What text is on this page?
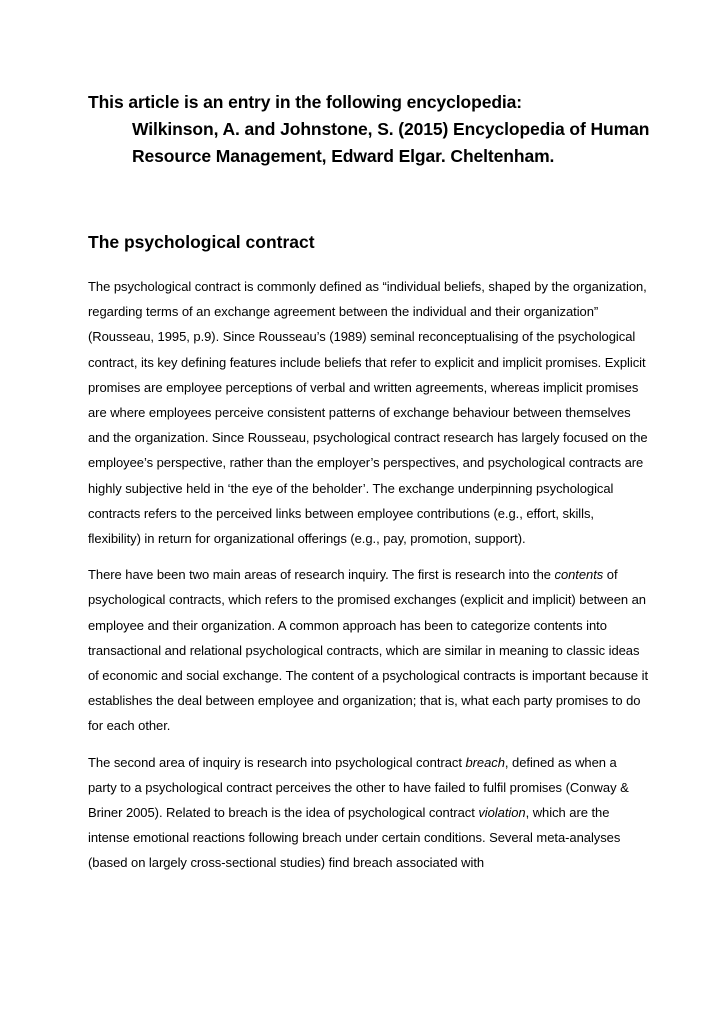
This article is an entry in the following encyclopedia:

Wilkinson, A. and Johnstone, S. (2015) Encyclopedia of Human

Resource Management, Edward Elgar. Cheltenham.

The psychological contract

The psychological contract is commonly defined as “individual beliefs, shaped by the organization, regarding terms of an exchange agreement between the individual and their organization” (Rousseau, 1995, p.9). Since Rousseau’s (1989) seminal reconceptualising of the psychological contract, its key defining features include beliefs that refer to explicit and implicit promises. Explicit promises are employee perceptions of verbal and written agreements, whereas implicit promises are where employees perceive consistent patterns of exchange behaviour between themselves and the organization. Since Rousseau, psychological contract research has largely focused on the employee’s perspective, rather than the employer’s perspectives, and psychological contracts are highly subjective held in ‘the eye of the beholder’. The exchange underpinning psychological contracts refers to the perceived links between employee contributions (e.g., effort, skills, flexibility) in return for organizational offerings (e.g., pay, promotion, support).

There have been two main areas of research inquiry. The first is research into the contents of psychological contracts, which refers to the promised exchanges (explicit and implicit) between an employee and their organization. A common approach has been to categorize contents into transactional and relational psychological contracts, which are similar in meaning to classic ideas of economic and social exchange. The content of a psychological contracts is important because it establishes the deal between employee and organization; that is, what each party promises to do for each other.

The second area of inquiry is research into psychological contract breach, defined as when a party to a psychological contract perceives the other to have failed to fulfil promises (Conway & Briner 2005). Related to breach is the idea of psychological contract violation, which are the intense emotional reactions following breach under certain conditions. Several meta-analyses (based on largely cross-sectional studies) find breach associated with
